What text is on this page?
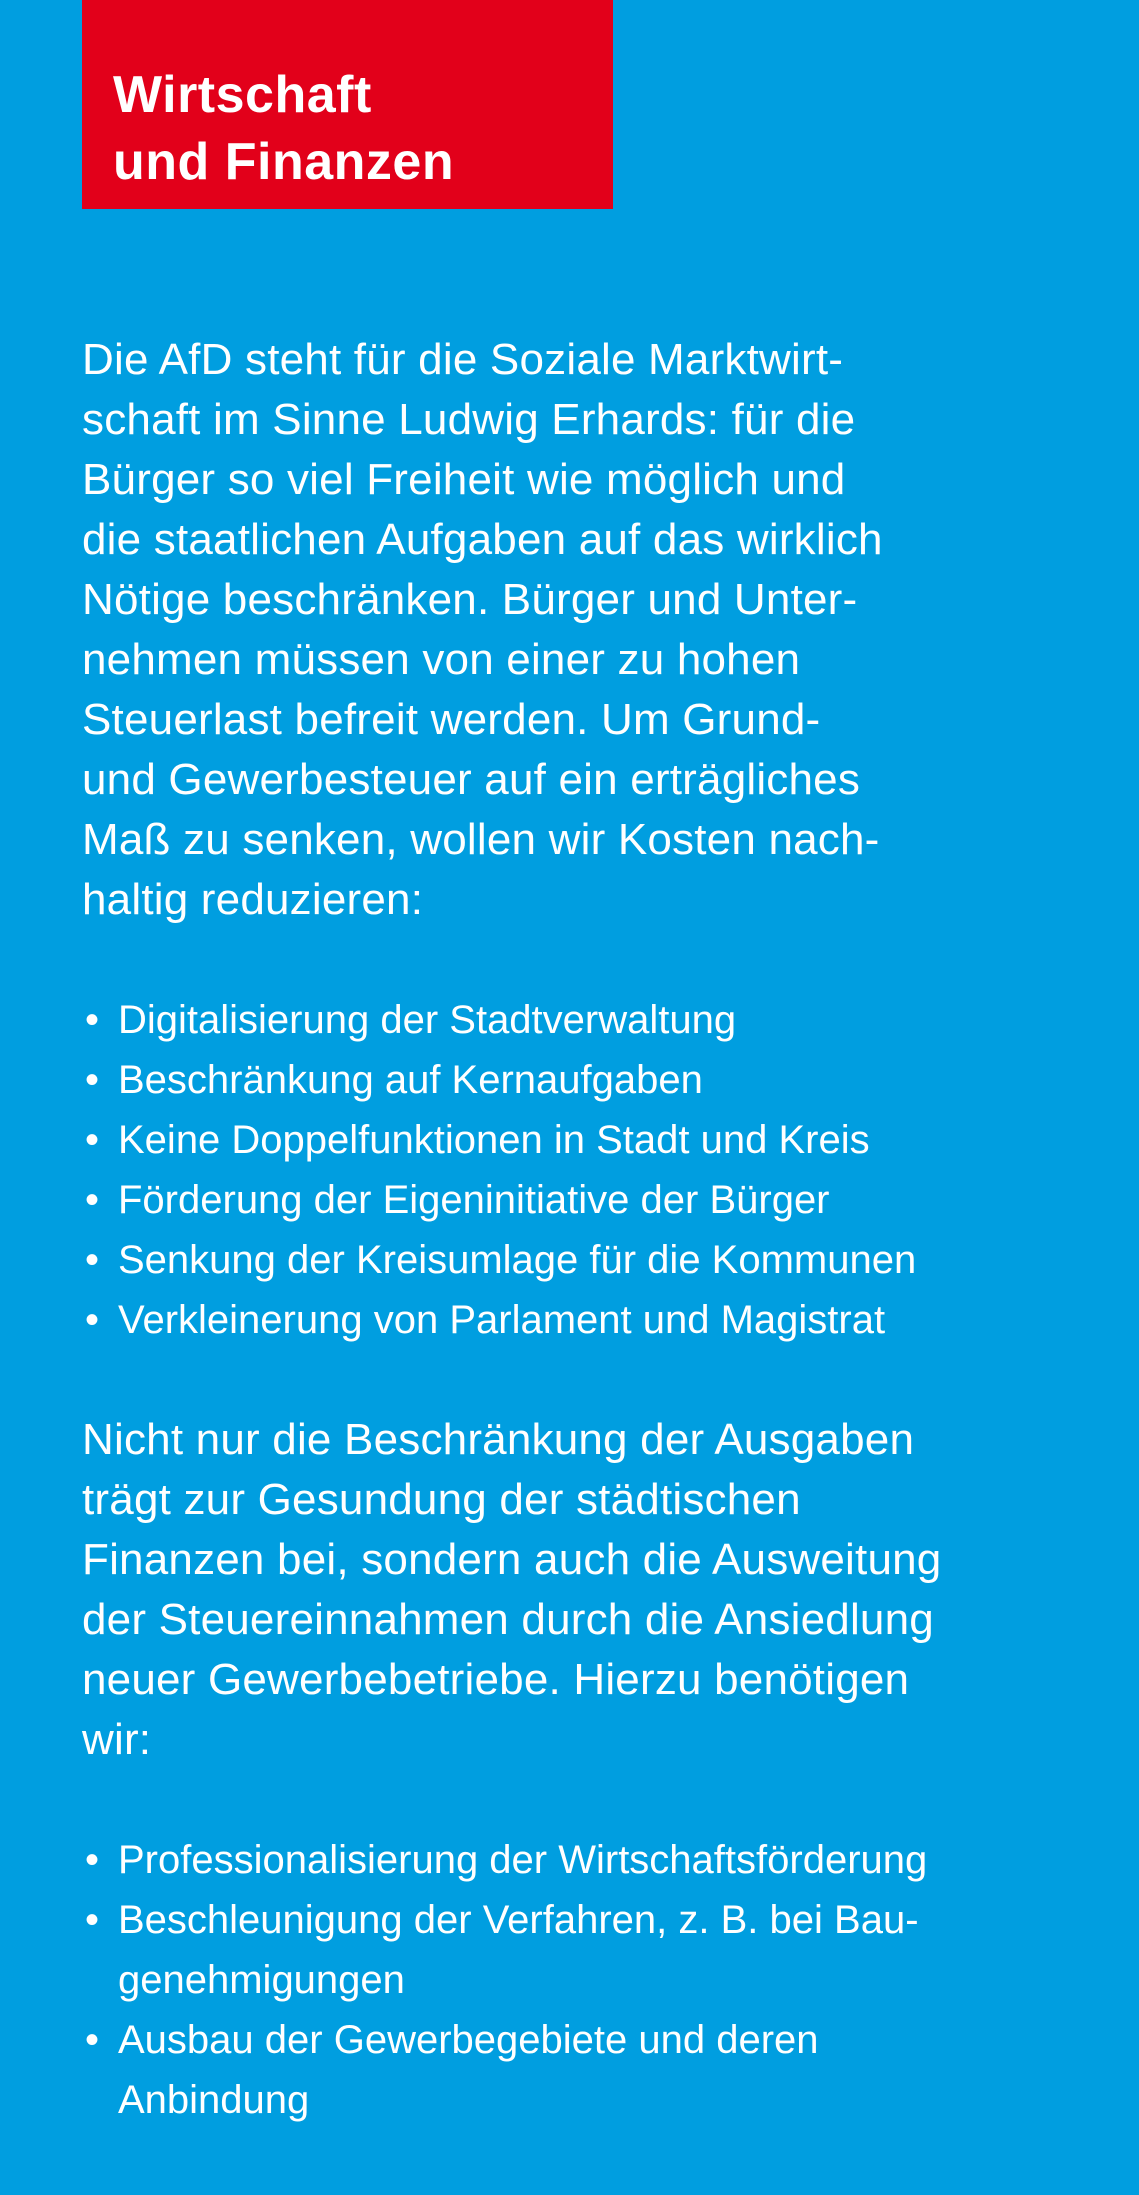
Wirtschaft
und Finanzen

Die AfD steht für die Soziale Marktwirt-
schaft im Sinne Ludwig Erhards: für die
Bürger so viel Freiheit wie möglich und
die staatlichen Aufgaben auf das wirklich
Nötige beschränken. Bürger und Unter-
nehmen müssen von einer zu hohen
Steuerlast befreit werden. Um Grund-
und Gewerbesteuer auf ein erträgliches
Maß zu senken, wollen wir Kosten nach-
haltig reduzieren:

• Digitalisierung der Stadtverwaltung
• Beschränkung auf Kernaufgaben
• Keine Doppelfunktionen in Stadt und Kreis
• Förderung der Eigeninitiative der Bürger
• Senkung der Kreisumlage für die Kommunen
• Verkleinerung von Parlament und Magistrat

Nicht nur die Beschränkung der Ausgaben
trägt zur Gesundung der städtischen
Finanzen bei, sondern auch die Ausweitung
der Steuereinnahmen durch die Ansiedlung
neuer Gewerbebetriebe. Hierzu benötigen
wir:

• Professionalisierung der Wirtschaftsförderung
• Beschleunigung der Verfahren, z. B. bei Bau-
genehmigungen
• Ausbau der Gewerbegebiete und deren
Anbindung
